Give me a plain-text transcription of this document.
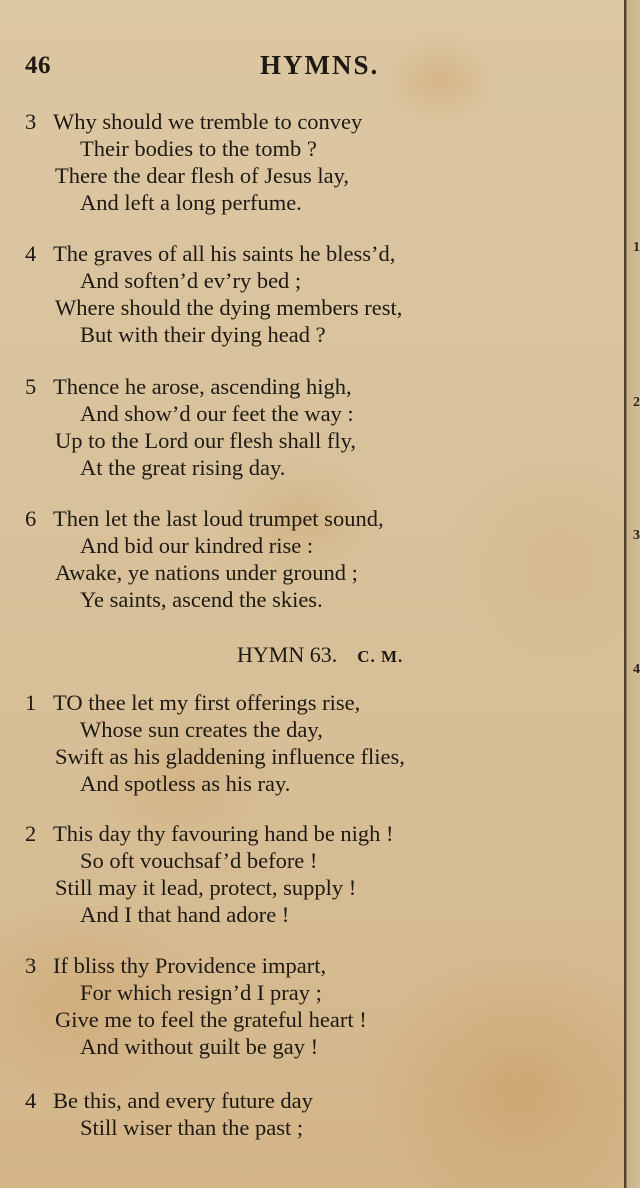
1
2
3
4
46	HYMNS.
3 Why should we tremble to convey
Their bodies to the tomb ?
There the dear flesh of Jesus lay,
And left a long perfume.
4 The graves of all his saints he bless’d,
And soften’d ev’ry bed ;
Where should the dying members rest,
But with their dying head ?
5 Thence he arose, ascending high,
And show’d our feet the way :
Up to the Lord our flesh shall fly,
At the great rising day.
6 Then let the last loud trumpet sound,
And bid our kindred rise :
Awake, ye nations under ground ;
Ye saints, ascend the skies.
HYMN 63. C. M.
1 TO thee let my first offerings rise,
Whose sun creates the day,
Swift as his gladdening influence flies,
And spotless as his ray.
2 This day thy favouring hand be nigh !
So oft vouchsaf’d before !
Still may it lead, protect, supply !
And I that hand adore !
3 If bliss thy Providence impart,
For which resign’d I pray ;
Give me to feel the grateful heart !
And without guilt be gay !
4 Be this, and every future day
Still wiser than the past ;
